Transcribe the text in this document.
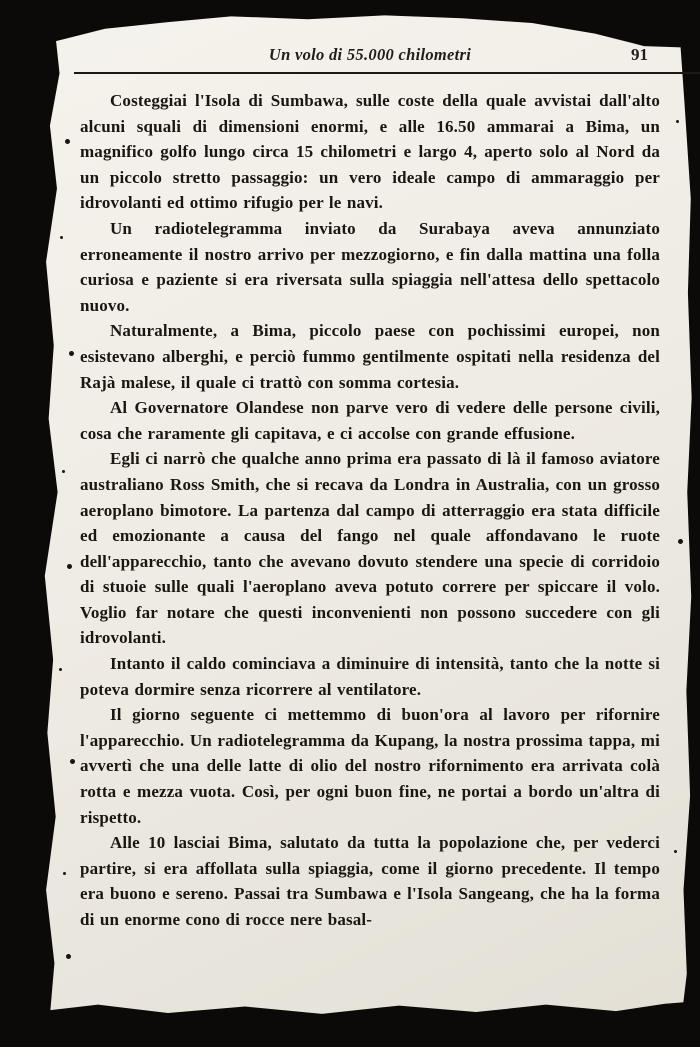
Un volo di 55.000 chilometri	91

Costeggiai l'Isola di Sumbawa, sulle coste della quale avvistai dall'alto alcuni squali di dimensioni enormi, e alle 16.50 ammarai a Bima, un magnifico golfo lungo circa 15 chilometri e largo 4, aperto solo al Nord da un piccolo stretto passaggio: un vero ideale campo di ammaraggio per idrovolanti ed ottimo rifugio per le navi.

Un radiotelegramma inviato da Surabaya aveva annunziato erroneamente il nostro arrivo per mezzogiorno, e fin dalla mattina una folla curiosa e paziente si era riversata sulla spiaggia nell'attesa dello spettacolo nuovo.

Naturalmente, a Bima, piccolo paese con pochissimi europei, non esistevano alberghi, e perciò fummo gentilmente ospitati nella residenza del Rajà malese, il quale ci trattò con somma cortesia.

Al Governatore Olandese non parve vero di vedere delle persone civili, cosa che raramente gli capitava, e ci accolse con grande effusione.

Egli ci narrò che qualche anno prima era passato di là il famoso aviatore australiano Ross Smith, che si recava da Londra in Australia, con un grosso aeroplano bimotore. La partenza dal campo di atterraggio era stata difficile ed emozionante a causa del fango nel quale affondavano le ruote dell'apparecchio, tanto che avevano dovuto stendere una specie di corridoio di stuoie sulle quali l'aeroplano aveva potuto correre per spiccare il volo. Voglio far notare che questi inconvenienti non possono succedere con gli idrovolanti.

Intanto il caldo cominciava a diminuire di intensità, tanto che la notte si poteva dormire senza ricorrere al ventilatore.

Il giorno seguente ci mettemmo di buon'ora al lavoro per rifornire l'apparecchio. Un radiotelegramma da Kupang, la nostra prossima tappa, mi avvertì che una delle latte di olio del nostro rifornimento era arrivata colà rotta e mezza vuota. Così, per ogni buon fine, ne portai a bordo un'altra di rispetto.

Alle 10 lasciai Bima, salutato da tutta la popolazione che, per vederci partire, si era affollata sulla spiaggia, come il giorno precedente. Il tempo era buono e sereno. Passai tra Sumbawa e l'Isola Sangeang, che ha la forma di un enorme cono di rocce nere basal-
